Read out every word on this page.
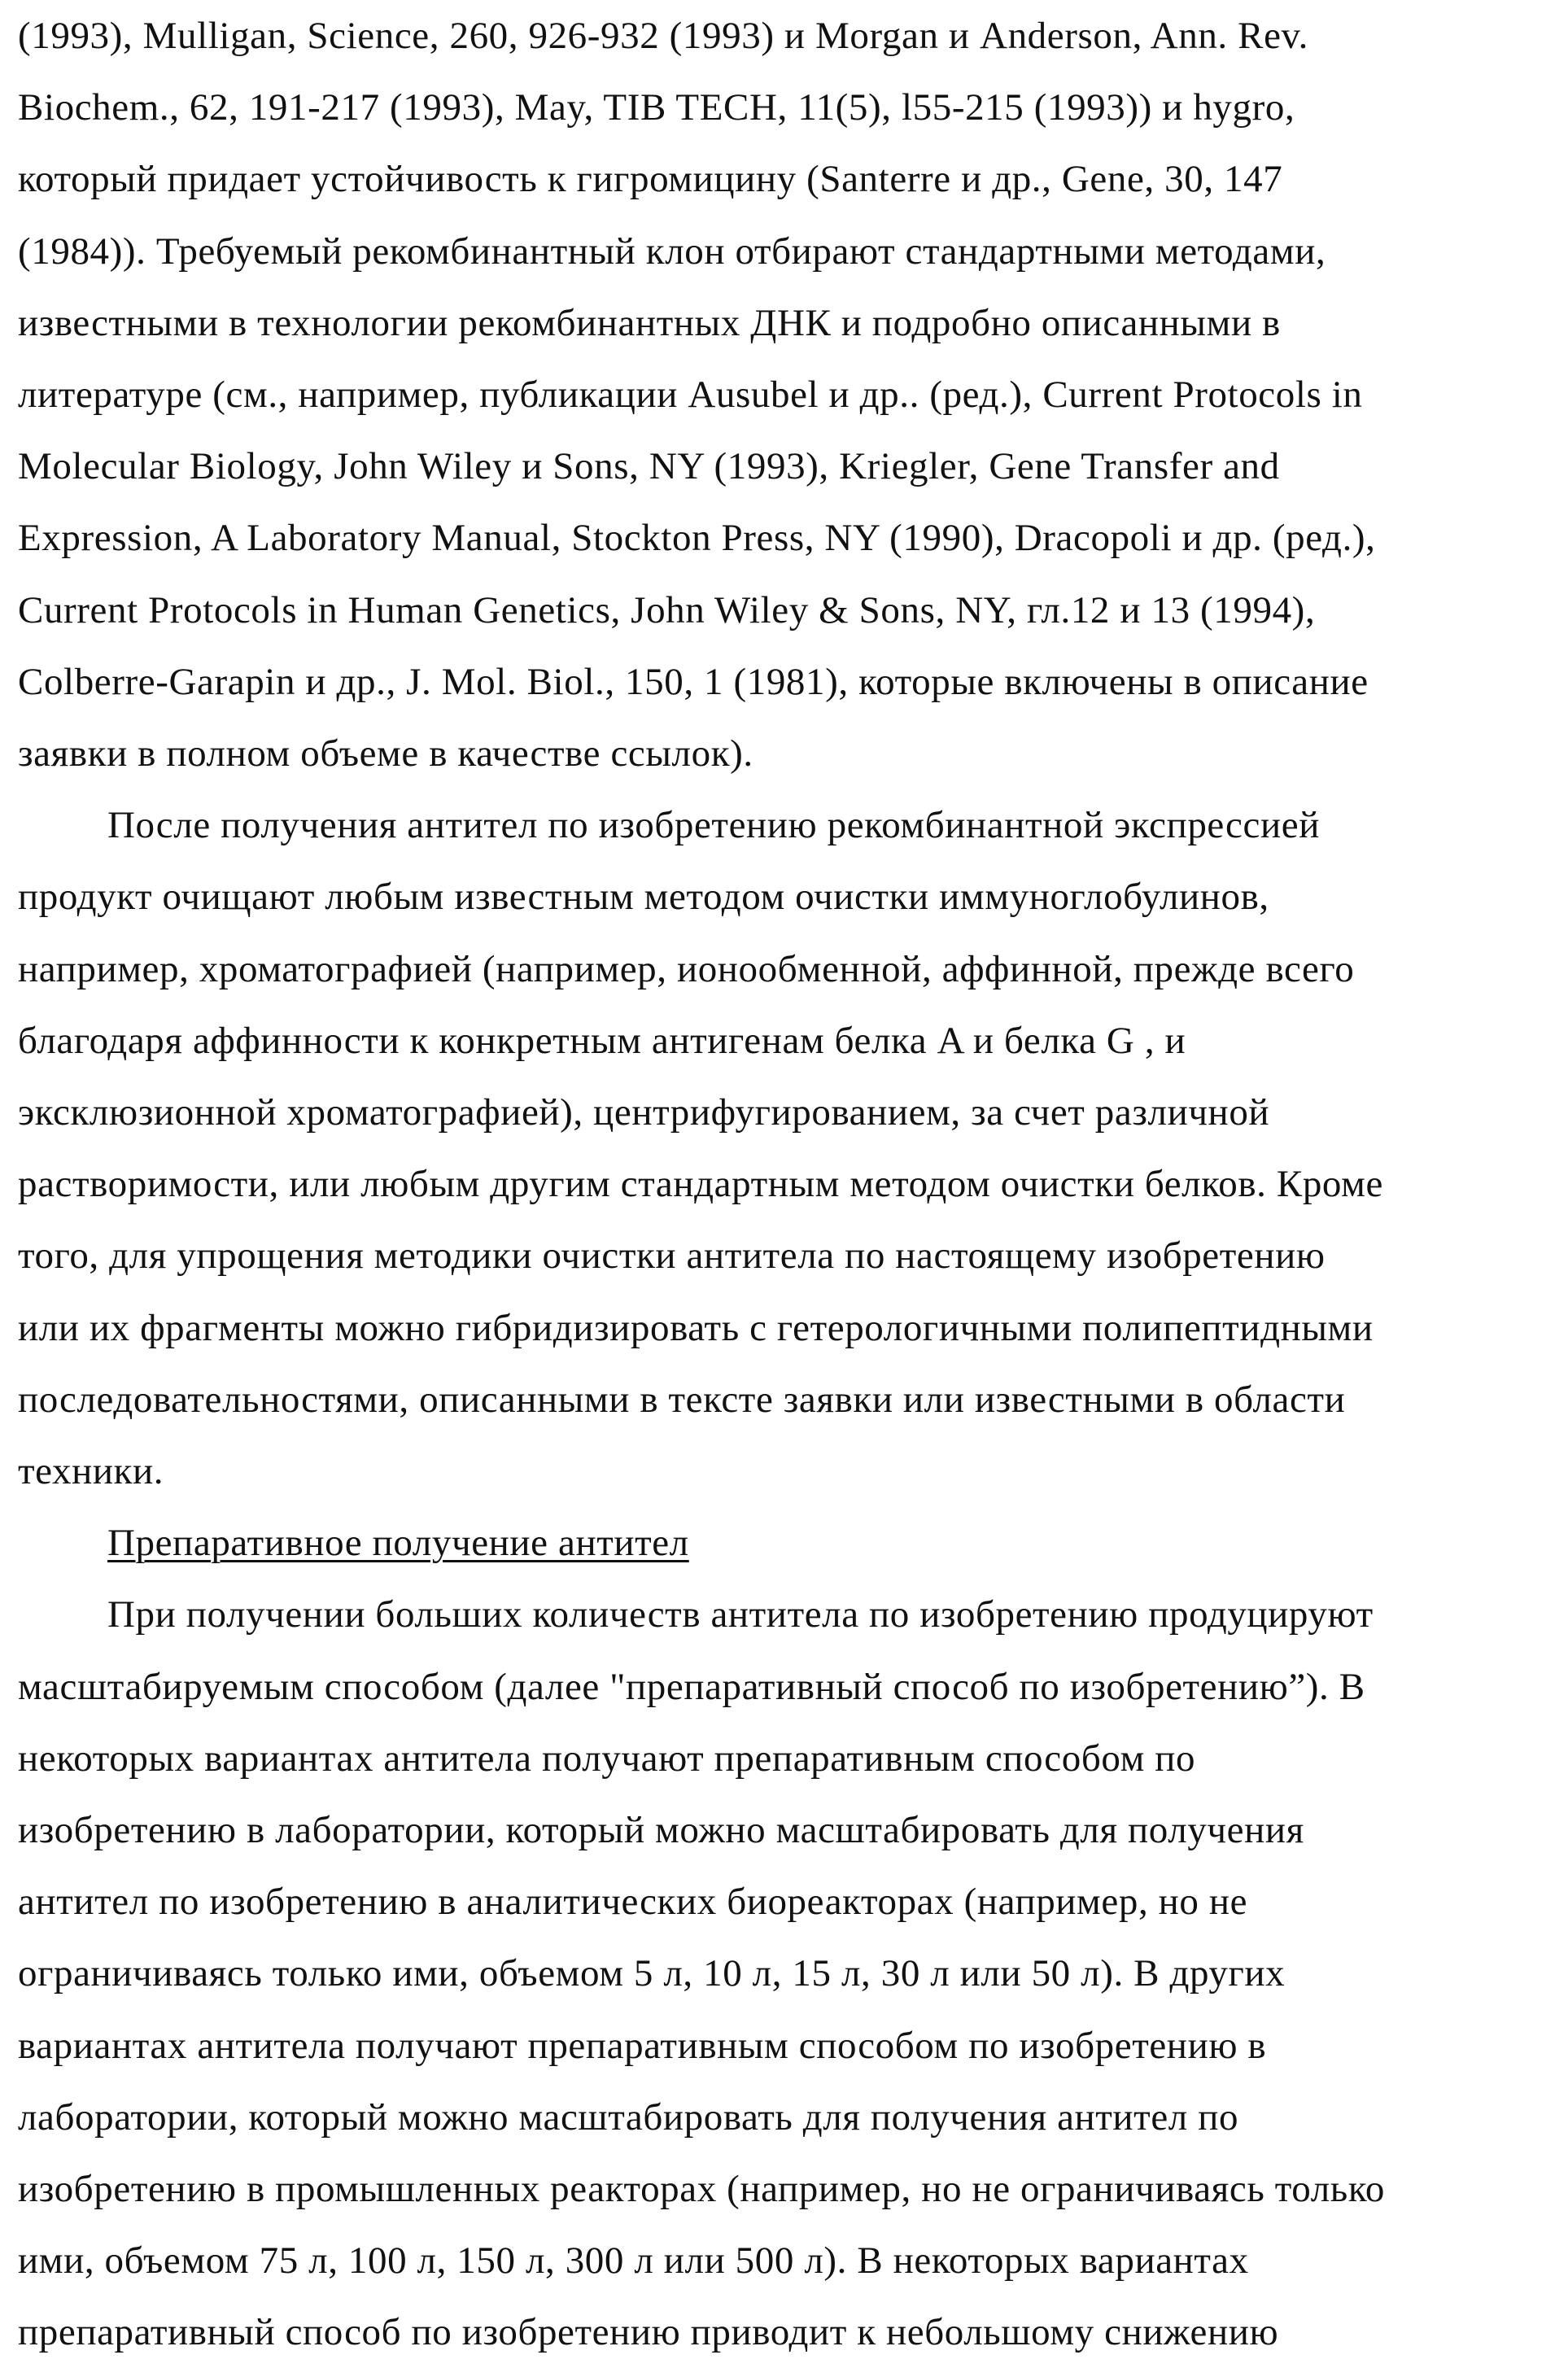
(1993), Mulligan, Science, 260, 926-932 (1993) и Morgan и Anderson, Ann. Rev.
Biochem., 62, 191-217 (1993), May, TIB TECH, 11(5), l55-215 (1993)) и hygro,
который придает устойчивость к гигромицину (Santerre и др., Gene, 30, 147
(1984)). Требуемый рекомбинантный клон отбирают стандартными методами,
известными в технологии рекомбинантных ДНК и подробно описанными в
литературе (см., например, публикации Ausubel и др.. (ред.), Current Protocols in
Molecular Biology, John Wiley и Sons, NY (1993), Kriegler, Gene Transfer and
Expression, A Laboratory Manual, Stockton Press, NY (1990), Dracopoli и др. (ред.),
Current Protocols in Human Genetics, John Wiley & Sons, NY, гл.12 и 13 (1994),
Colberre-Garapin и др., J. Mol. Biol., 150, 1 (1981), которые включены в описание
заявки в полном объеме в качестве ссылок).
После получения антител по изобретению рекомбинантной экспрессией
продукт очищают любым известным методом очистки иммуноглобулинов,
например, хроматографией (например, ионообменной, аффинной, прежде всего
благодаря аффинности к конкретным антигенам белка A и белка G , и
эксклюзионной хроматографией), центрифугированием, за счет различной
растворимости, или любым другим стандартным методом очистки белков. Кроме
того, для упрощения методики очистки антитела по настоящему изобретению
или их фрагменты можно гибридизировать с гетерологичными полипептидными
последовательностями, описанными в тексте заявки или известными в области
техники.
Препаративное получение антител
При получении больших количеств антитела по изобретению продуцируют
масштабируемым способом (далее "препаративный способ по изобретению”). В
некоторых вариантах антитела получают препаративным способом по
изобретению в лаборатории, который можно масштабировать для получения
антител по изобретению в аналитических биореакторах (например, но не
ограничиваясь только ими, объемом 5 л, 10 л, 15 л, 30 л или 50 л). В других
вариантах антитела получают препаративным способом по изобретению в
лаборатории, который можно масштабировать для получения антител по
изобретению в промышленных реакторах (например, но не ограничиваясь только
ими, объемом 75 л, 100 л, 150 л, 300 л или 500 л). В некоторых вариантах
препаративный способ по изобретению приводит к небольшому снижению
